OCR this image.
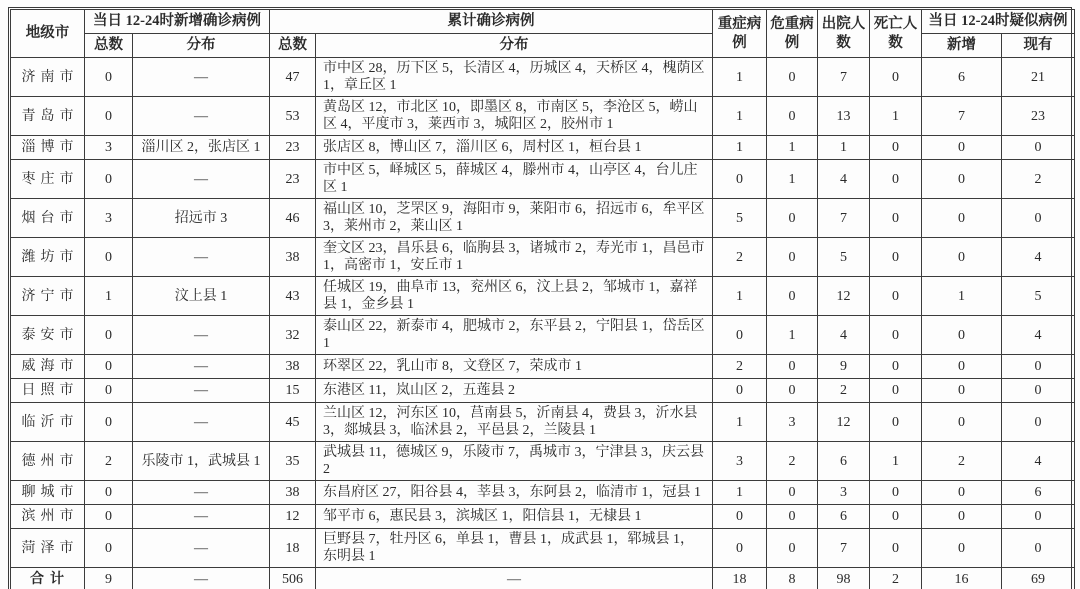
地级市	当日 12-24时新增确诊病例		累计确诊病例		重症病例	危重病例	出院人数	死亡人数	当日 12-24时疑似病例	
	总数	分布	总数	分布					新增	现有
济南市	0	—	47	市中区 28，历下区 5，长清区 4，历城区 4，天桥区 4，槐荫区 1，章丘区 1	1	0	7	0	6	21
青岛市	0	—	53	黄岛区 12，市北区 10，即墨区 8，市南区 5，李沧区 5，崂山区 4，平度市 3，莱西市 3，城阳区 2，胶州市 1	1	0	13	1	7	23
淄博市	3	淄川区 2，张店区 1	23	张店区 8，博山区 7，淄川区 6，周村区 1，桓台县 1	1	1	1	0	0	0
枣庄市	0	—	23	市中区 5，峄城区 5，薛城区 4，滕州市 4，山亭区 4，台儿庄区 1	0	1	4	0	0	2
烟台市	3	招远市 3	46	福山区 10，芝罘区 9，海阳市 9，莱阳市 6，招远市 6，牟平区 3，莱州市 2，莱山区 1	5	0	7	0	0	0
潍坊市	0	—	38	奎文区 23，昌乐县 6，临朐县 3，诸城市 2，寿光市 1，昌邑市 1，高密市 1，安丘市 1	2	0	5	0	0	4
济宁市	1	汶上县 1	43	任城区 19，曲阜市 13，兖州区 6，汶上县 2，邹城市 1，嘉祥县 1，金乡县 1	1	0	12	0	1	5
泰安市	0	—	32	泰山区 22，新泰市 4，肥城市 2，东平县 2，宁阳县 1，岱岳区 1	0	1	4	0	0	4
威海市	0	—	38	环翠区 22，乳山市 8，文登区 7，荣成市 1	2	0	9	0	0	0
日照市	0	—	15	东港区 11，岚山区 2，五莲县 2	0	0	2	0	0	0
临沂市	0	—	45	兰山区 12，河东区 10，莒南县 5，沂南县 4，费县 3，沂水县 3，郯城县 3，临沭县 2，平邑县 2，兰陵县 1	1	3	12	0	0	0
德州市	2	乐陵市 1，武城县 1	35	武城县 11，德城区 9，乐陵市 7，禹城市 3，宁津县 3，庆云县 2	3	2	6	1	2	4
聊城市	0	—	38	东昌府区 27，阳谷县 4，莘县 3，东阿县 2，临清市 1，冠县 1	1	0	3	0	0	6
滨州市	0	—	12	邹平市 6，惠民县 3，滨城区 1，阳信县 1，无棣县 1	0	0	6	0	0	0
菏泽市	0	—	18	巨野县 7，牡丹区 6，单县 1，曹县 1，成武县 1，郓城县 1，东明县 1	0	0	7	0	0	0
合计	9	—	506	—	18	8	98	2	16	69
